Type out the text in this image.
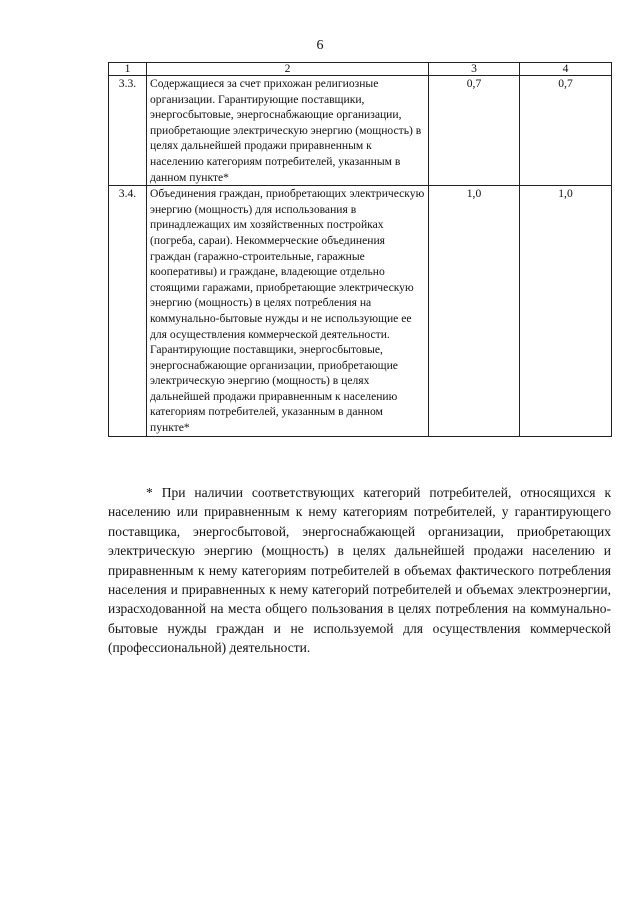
6
1	2	3	4
3.3.	Содержащиеся за счет прихожан религиозные организации. Гарантирующие поставщики, энергосбытовые, энергоснабжающие организации, приобретающие электрическую энергию (мощность) в целях дальнейшей продажи приравненным к населению категориям потребителей, указанным в данном пункте*	0,7	0,7
3.4.	Объединения граждан, приобретающих электрическую энергию (мощность) для использования в принадлежащих им хозяйственных постройках (погреба, сараи). Некоммерческие объединения граждан (гаражно-строительные, гаражные кооперативы) и граждане, владеющие отдельно стоящими гаражами, приобретающие электрическую энергию (мощность) в целях потребления на коммунально-бытовые нужды и не использующие ее для осуществления коммерческой деятельности. Гарантирующие поставщики, энергосбытовые, энергоснабжающие организации, приобретающие электрическую энергию (мощность) в целях дальнейшей продажи приравненным к населению категориям потребителей, указанным в данном пункте*	1,0	1,0

* При наличии соответствующих категорий потребителей, относящихся к населению или приравненным к нему категориям потребителей, у гарантирующего поставщика, энергосбытовой, энергоснабжающей организации, приобретающих электрическую энергию (мощность) в целях дальнейшей продажи населению и приравненным к нему категориям потребителей в объемах фактического потребления населения и приравненных к нему категорий потребителей и объемах электроэнергии, израсходованной на места общего пользования в целях потребления на коммунально-бытовые нужды граждан и не используемой для осуществления коммерческой (профессиональной) деятельности.
